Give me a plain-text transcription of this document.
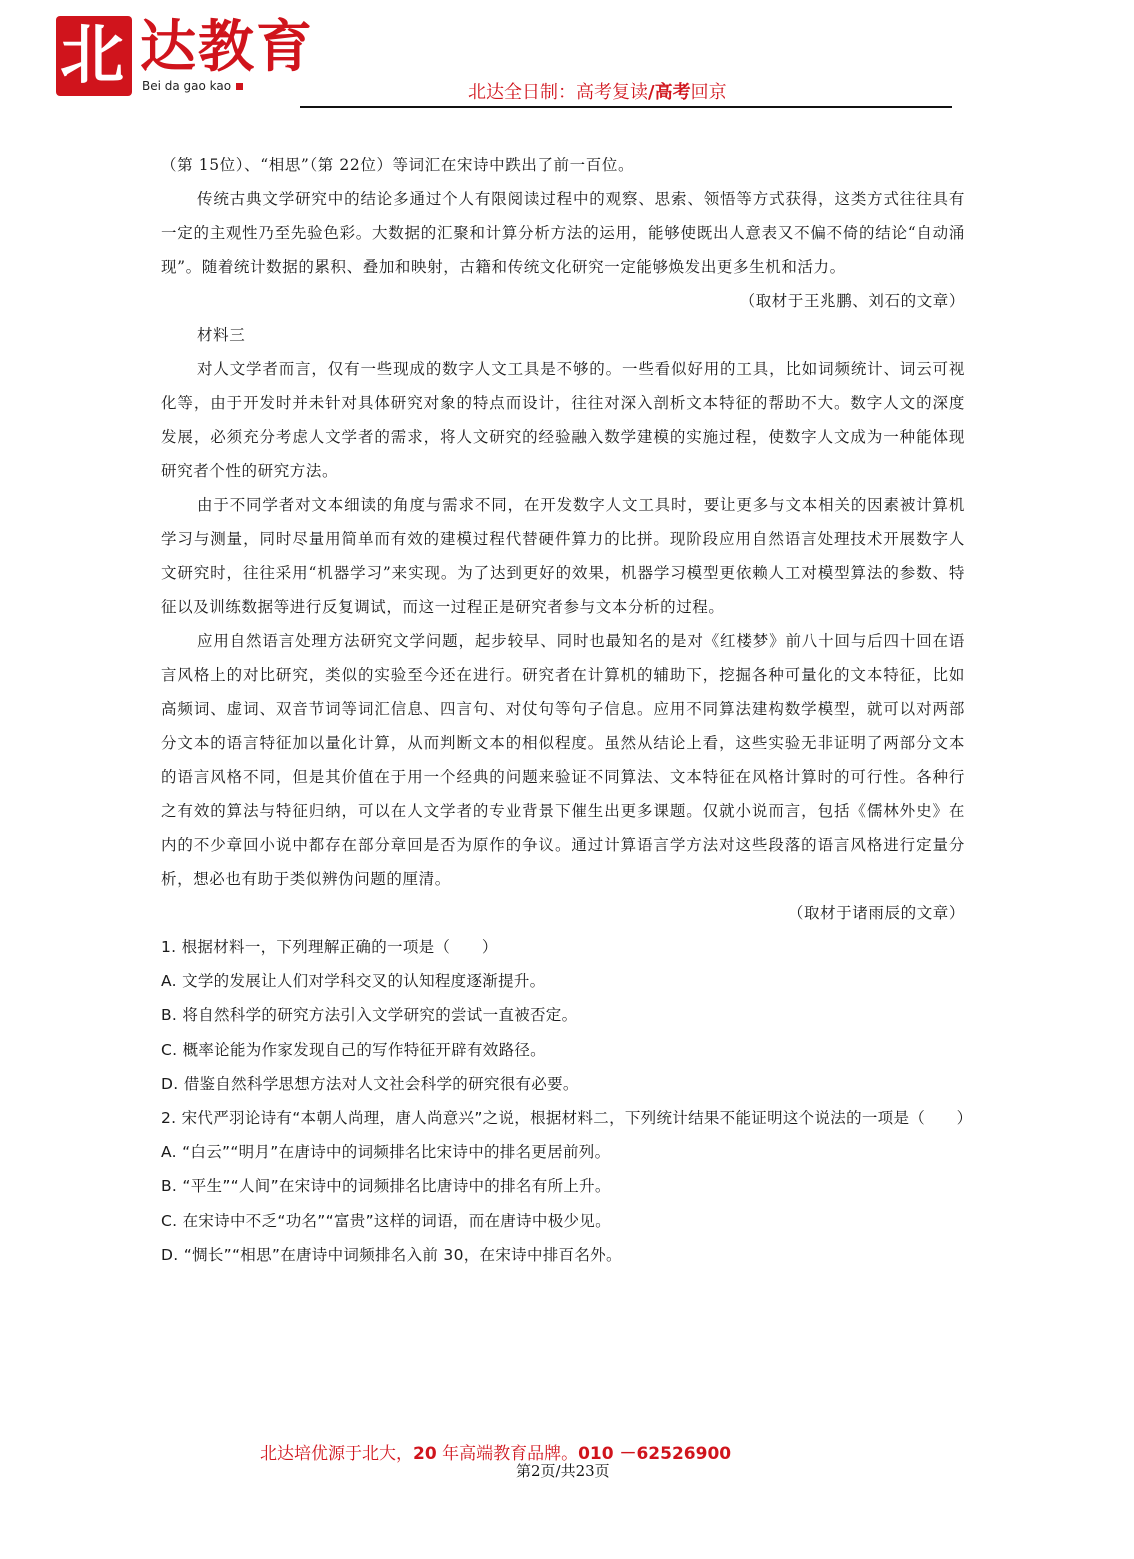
北 达教育
Bei da gao kao	北达全日制：高考复读/高考回京

（第 15位）、“相思”（第 22位）等词汇在宋诗中跌出了前一百位。

传统古典文学研究中的结论多通过个人有限阅读过程中的观察、思索、领悟等方式获得，这类方式往往具有一定的主观性乃至先验色彩。大数据的汇聚和计算分析方法的运用，能够使既出人意表又不偏不倚的结论“自动涌现”。随着统计数据的累积、叠加和映射，古籍和传统文化研究一定能够焕发出更多生机和活力。

（取材于王兆鹏、刘石的文章）

材料三

对人文学者而言，仅有一些现成的数字人文工具是不够的。一些看似好用的工具，比如词频统计、词云可视化等，由于开发时并未针对具体研究对象的特点而设计，往往对深入剖析文本特征的帮助不大。数字人文的深度发展，必须充分考虑人文学者的需求，将人文研究的经验融入数学建模的实施过程，使数字人文成为一种能体现研究者个性的研究方法。

由于不同学者对文本细读的角度与需求不同，在开发数字人文工具时，要让更多与文本相关的因素被计算机学习与测量，同时尽量用简单而有效的建模过程代替硬件算力的比拼。现阶段应用自然语言处理技术开展数字人文研究时，往往采用“机器学习”来实现。为了达到更好的效果，机器学习模型更依赖人工对模型算法的参数、特征以及训练数据等进行反复调试，而这一过程正是研究者参与文本分析的过程。

应用自然语言处理方法研究文学问题，起步较早、同时也最知名的是对《红楼梦》前八十回与后四十回在语言风格上的对比研究，类似的实验至今还在进行。研究者在计算机的辅助下，挖掘各种可量化的文本特征，比如高频词、虚词、双音节词等词汇信息、四言句、对仗句等句子信息。应用不同算法建构数学模型，就可以对两部分文本的语言特征加以量化计算，从而判断文本的相似程度。虽然从结论上看，这些实验无非证明了两部分文本的语言风格不同，但是其价值在于用一个经典的问题来验证不同算法、文本特征在风格计算时的可行性。各种行之有效的算法与特征归纳，可以在人文学者的专业背景下催生出更多课题。仅就小说而言，包括《儒林外史》在内的不少章回小说中都存在部分章回是否为原作的争议。通过计算语言学方法对这些段落的语言风格进行定量分析，想必也有助于类似辨伪问题的厘清。

（取材于诸雨辰的文章）

1. 根据材料一，下列理解正确的一项是（　　）

A. 文学的发展让人们对学科交叉的认知程度逐渐提升。

B. 将自然科学的研究方法引入文学研究的尝试一直被否定。

C. 概率论能为作家发现自己的写作特征开辟有效路径。

D. 借鉴自然科学思想方法对人文社会科学的研究很有必要。

2. 宋代严羽论诗有“本朝人尚理，唐人尚意兴”之说，根据材料二，下列统计结果不能证明这个说法的一项是（　　）

A. “白云”“明月”在唐诗中的词频排名比宋诗中的排名更居前列。

B. “平生”“人间”在宋诗中的词频排名比唐诗中的排名有所上升。

C. 在宋诗中不乏“功名”“富贵”这样的词语，而在唐诗中极少见。

D. “惆长”“相思”在唐诗中词频排名入前 30，在宋诗中排百名外。

北达培优源于北大，20 年高端教育品牌。010 －62526900
第2页/共23页
